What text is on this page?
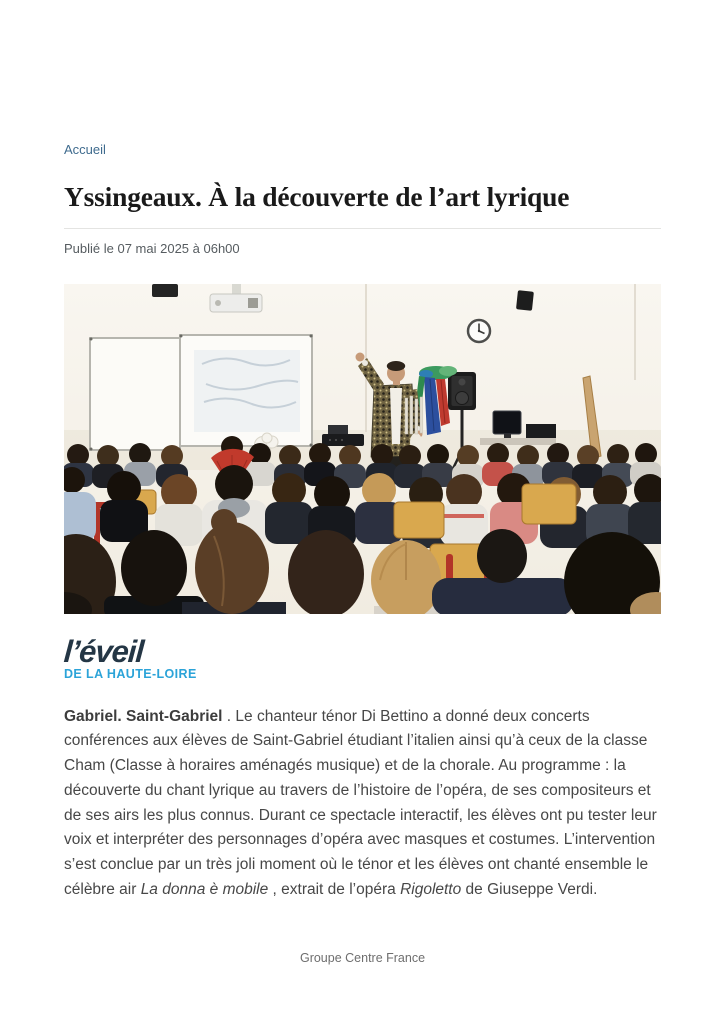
Accueil
Yssingeaux. À la découverte de l’art lyrique
Publié le 07 mai 2025 à 06h00
l’éveil
DE LA HAUTE-LOIRE

Gabriel. Saint-Gabriel . Le chanteur ténor Di Bettino a donné deux concerts conférences aux élèves de Saint-Gabriel étudiant l’italien ainsi qu’à ceux de la classe Cham (Classe à horaires aménagés musique) et de la chorale. Au programme : la découverte du chant lyrique au travers de l’histoire de l’opéra, de ses compositeurs et de ses airs les plus connus. Durant ce spectacle interactif, les élèves ont pu tester leur voix et interpréter des personnages d’opéra avec masques et costumes. L’intervention s’est conclue par un très joli moment où le ténor et les élèves ont chanté ensemble le célèbre air La donna è mobile , extrait de l’opéra Rigoletto de Giuseppe Verdi.

Groupe Centre France
